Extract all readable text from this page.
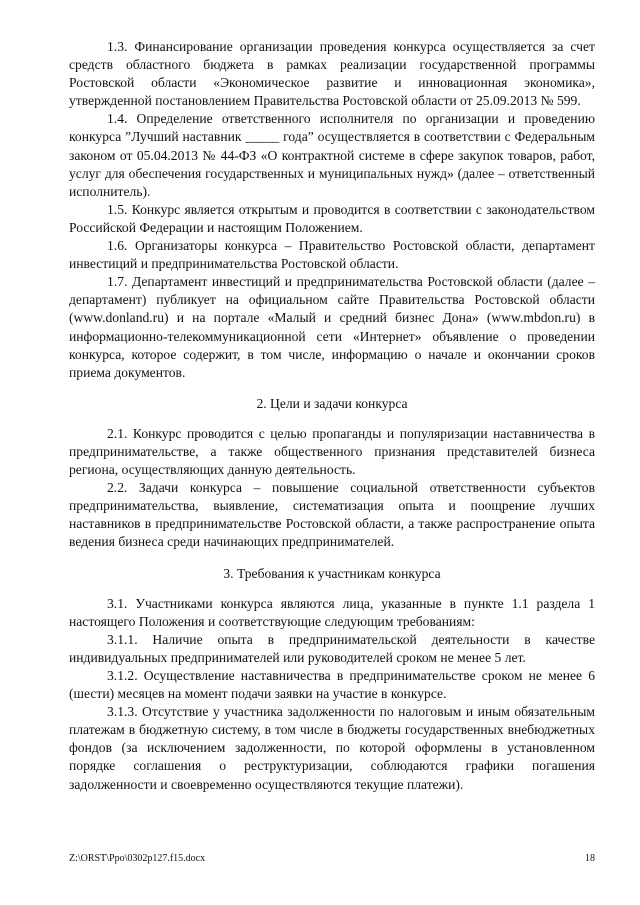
1.3. Финансирование организации проведения конкурса осуществляется за счет средств областного бюджета в рамках реализации государственной программы Ростовской области «Экономическое развитие и инновационная экономика», утвержденной постановлением Правительства Ростовской области от 25.09.2013 № 599.

1.4. Определение ответственного исполнителя по организации и проведению конкурса ”Лучший наставник _____ года” осуществляется в соответствии с Федеральным законом от 05.04.2013 № 44-ФЗ «О контрактной системе в сфере закупок товаров, работ, услуг для обеспечения государственных и муниципальных нужд» (далее – ответственный исполнитель).

1.5. Конкурс является открытым и проводится в соответствии с законодательством Российской Федерации и настоящим Положением.

1.6. Организаторы конкурса – Правительство Ростовской области, департамент инвестиций и предпринимательства Ростовской области.

1.7. Департамент инвестиций и предпринимательства Ростовской области (далее – департамент) публикует на официальном сайте Правительства Ростовской области (www.donland.ru) и на портале «Малый и средний бизнес Дона» (www.mbdon.ru) в информационно-телекоммуникационной сети «Интернет» объявление о проведении конкурса, которое содержит, в том числе, информацию о начале и окончании сроков приема документов.

2. Цели и задачи конкурса

2.1. Конкурс проводится с целью пропаганды и популяризации наставничества в предпринимательстве, а также общественного признания представителей бизнеса региона, осуществляющих данную деятельность.

2.2. Задачи конкурса – повышение социальной ответственности субъектов предпринимательства, выявление, систематизация опыта и поощрение лучших наставников в предпринимательстве Ростовской области, а также распространение опыта ведения бизнеса среди начинающих предпринимателей.

3. Требования к участникам конкурса

3.1. Участниками конкурса являются лица, указанные в пункте 1.1 раздела 1 настоящего Положения и соответствующие следующим требованиям:

3.1.1. Наличие опыта в предпринимательской деятельности в качестве индивидуальных предпринимателей или руководителей сроком не менее 5 лет.

3.1.2. Осуществление наставничества в предпринимательстве сроком не менее 6 (шести) месяцев на момент подачи заявки на участие в конкурсе.

3.1.3. Отсутствие у участника задолженности по налоговым и иным обязательным платежам в бюджетную систему, в том числе в бюджеты государственных внебюджетных фондов (за исключением задолженности, по которой оформлены в установленном порядке соглашения о реструктуризации, соблюдаются графики погашения задолженности и своевременно осуществляются текущие платежи).

Z:\ORST\Ppo\0302p127.f15.docx	18
